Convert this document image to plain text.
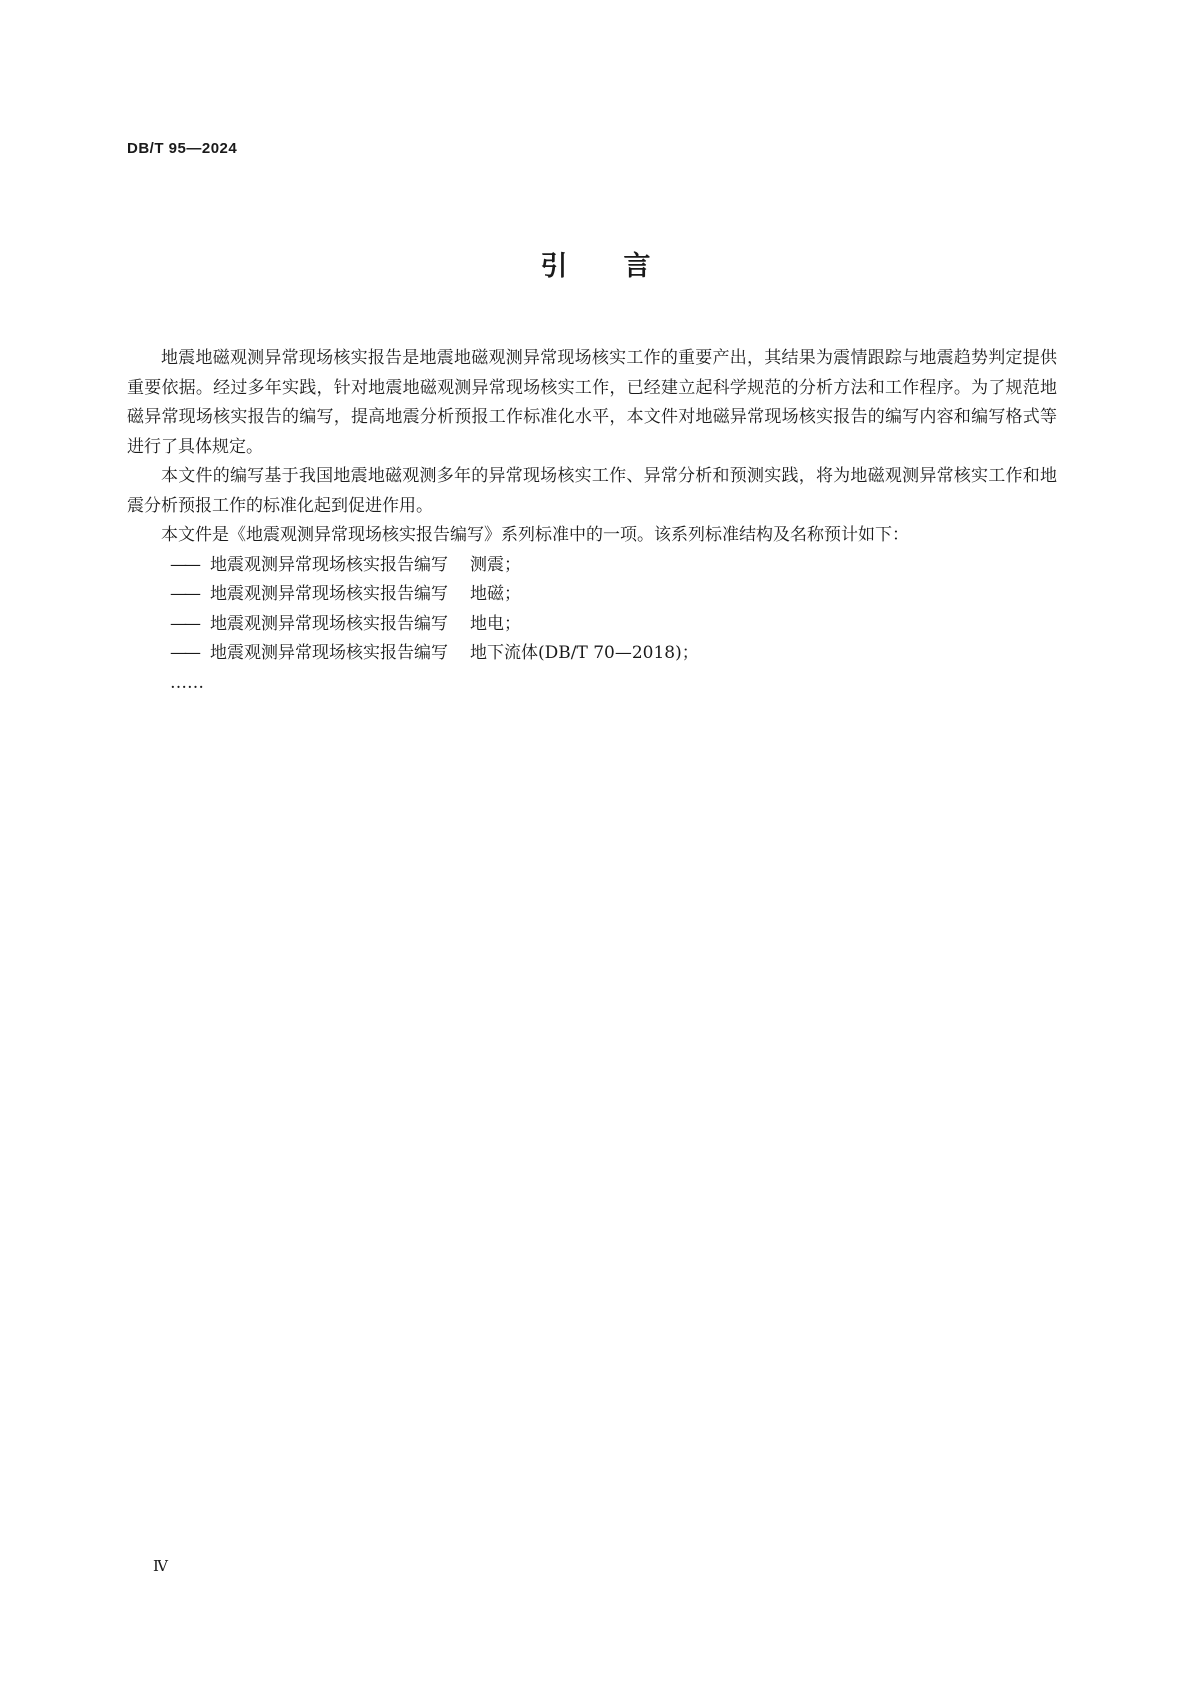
DB/T 95—2024
引言

地震地磁观测异常现场核实报告是地震地磁观测异常现场核实工作的重要产出，其结果为震情跟踪与地震趋势判定提供重要依据。经过多年实践，针对地震地磁观测异常现场核实工作，已经建立起科学规范的分析方法和工作程序。为了规范地磁异常现场核实报告的编写，提高地震分析预报工作标准化水平，本文件对地磁异常现场核实报告的编写内容和编写格式等进行了具体规定。

本文件的编写基于我国地震地磁观测多年的异常现场核实工作、异常分析和预测实践，将为地磁观测异常核实工作和地震分析预报工作的标准化起到促进作用。

本文件是《地震观测异常现场核实报告编写》系列标准中的一项。该系列标准结构及名称预计如下：

—— 地震观测异常现场核实报告编写 测震；

—— 地震观测异常现场核实报告编写 地磁；

—— 地震观测异常现场核实报告编写 地电；

—— 地震观测异常现场核实报告编写 地下流体(DB/T 70—2018)；

……

Ⅳ
